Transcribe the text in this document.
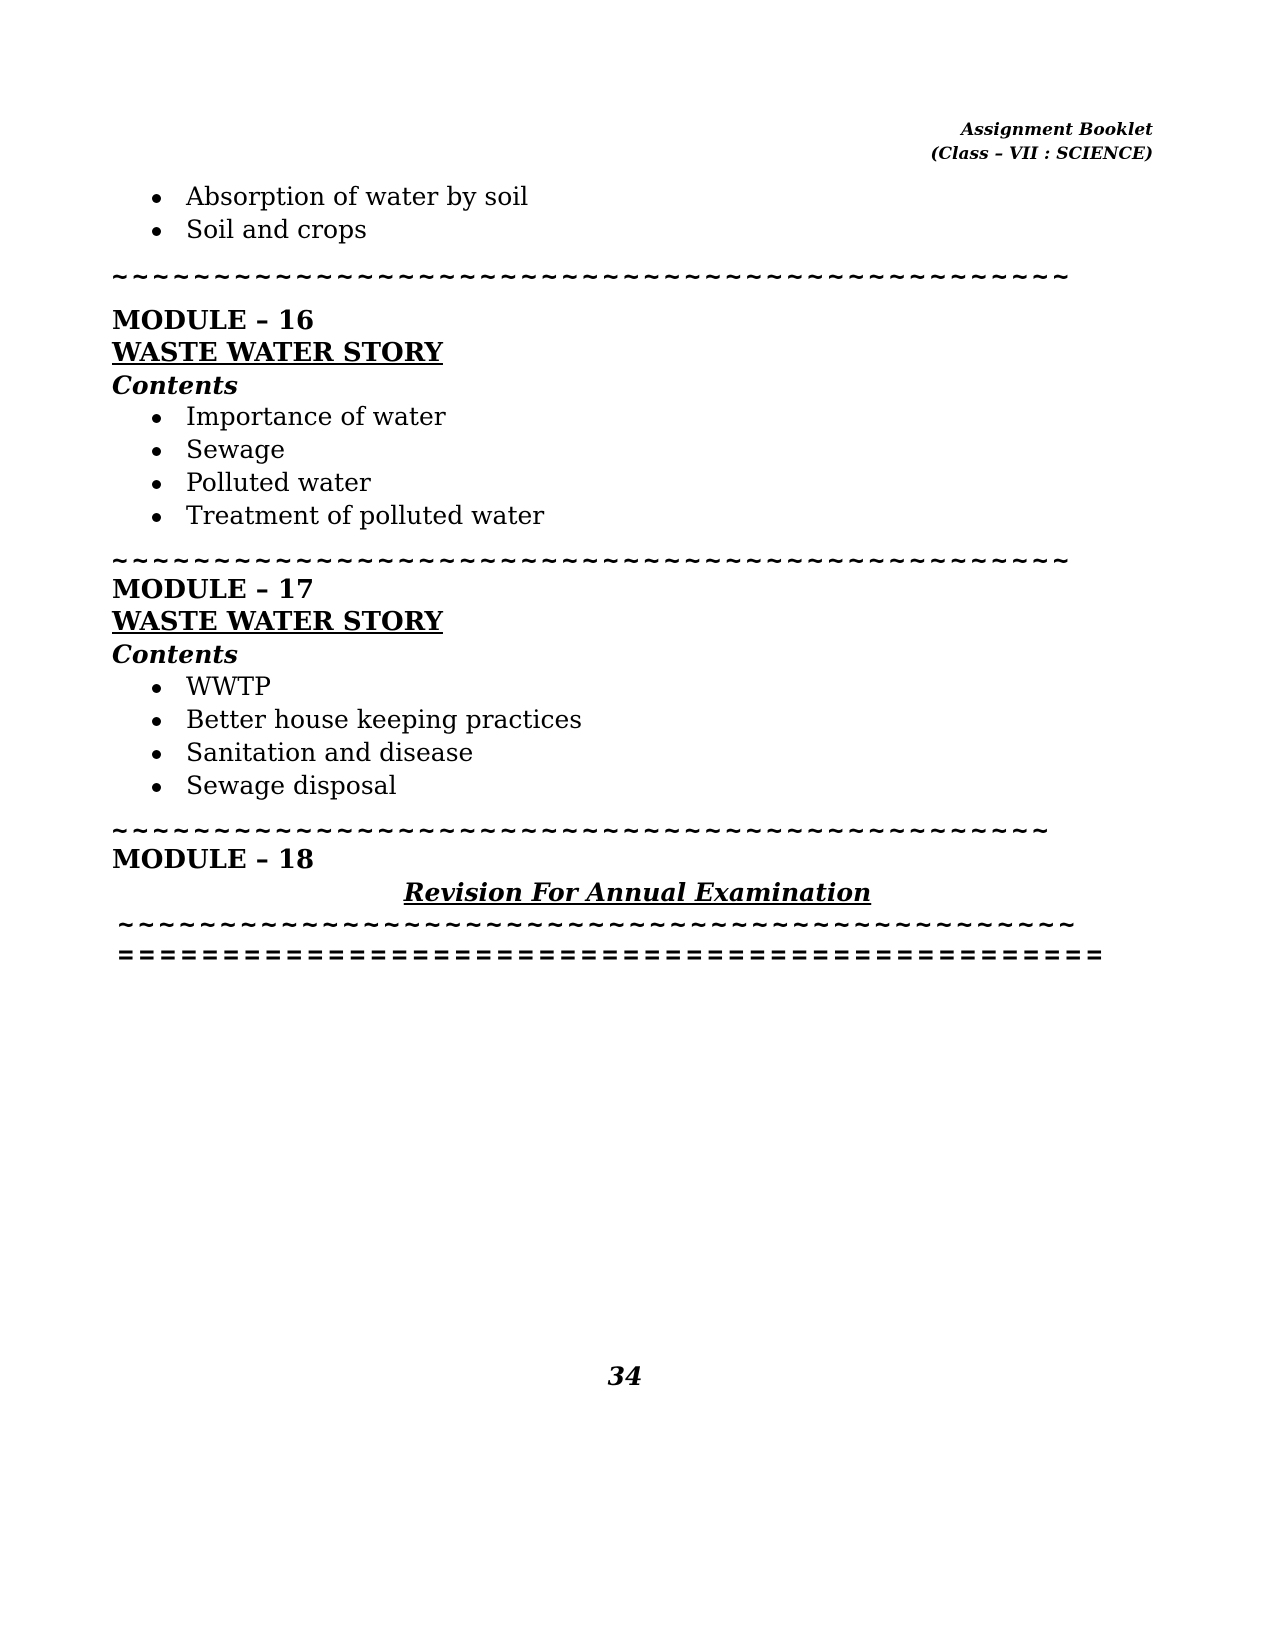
Assignment Booklet
(Class – VII : SCIENCE)
Absorption of water by soil
Soil and crops
~~~~~~~~~~~~~~~~~~~~~~~~~~~~~~~~~~~~~~~~~~~~~~~
MODULE – 16
WASTE WATER STORY
Contents
Importance of water
Sewage
Polluted water
Treatment of polluted water
~~~~~~~~~~~~~~~~~~~~~~~~~~~~~~~~~~~~~~~~~~~~~~~
MODULE – 17
WASTE WATER STORY
Contents
WWTP
Better house keeping practices
Sanitation and disease
Sewage disposal
~~~~~~~~~~~~~~~~~~~~~~~~~~~~~~~~~~~~~~~~~~~~~~
MODULE – 18
Revision For Annual Examination
~~~~~~~~~~~~~~~~~~~~~~~~~~~~~~~~~~~~~~~~~~~~~~~
===============================================
34
